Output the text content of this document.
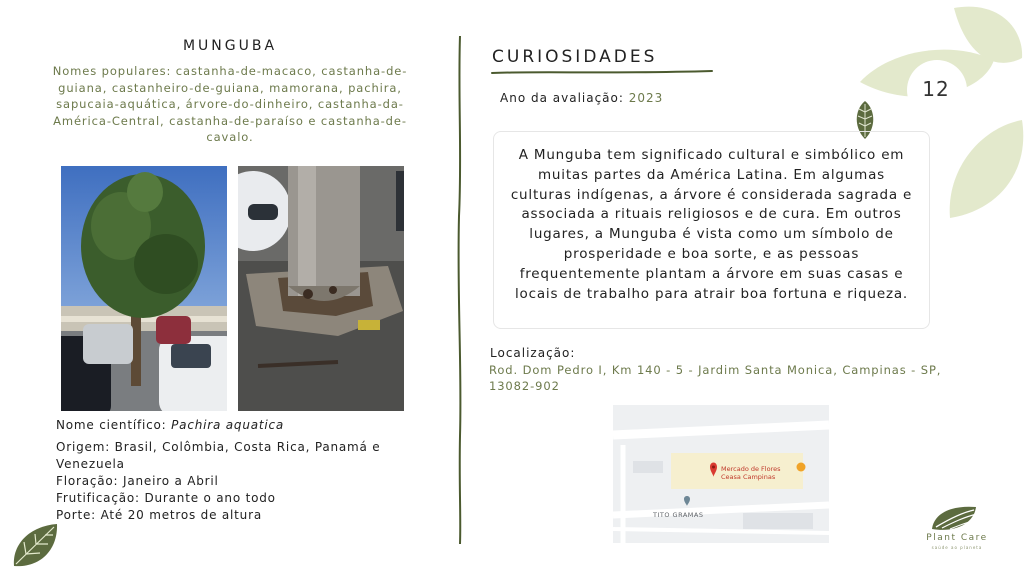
12
MUNGUBA
Nomes populares: castanha-de-macaco, castanha-de-guiana, castanheiro-de-guiana, mamorana, pachira, sapucaia-aquática, árvore-do-dinheiro, castanha-da-América-Central, castanha-de-paraíso e castanha-de-cavalo.
Nome científico: Pachira aquatica
Origem: Brasil, Colômbia, Costa Rica, Panamá e Venezuela
Floração: Janeiro a Abril
Frutificação: Durante o ano todo
Porte: Até 20 metros de altura
CURIOSIDADES
Ano da avaliação: 2023

A Munguba tem significado cultural e simbólico em muitas partes da América Latina. Em algumas culturas indígenas, a árvore é considerada sagrada e associada a rituais religiosos e de cura. Em outros lugares, a Munguba é vista como um símbolo de prosperidade e boa sorte, e as pessoas frequentemente plantam a árvore em suas casas e locais de trabalho para atrair boa fortuna e riqueza.

Localização:
Rod. Dom Pedro I, Km 140 - 5 - Jardim Santa Monica, Campinas - SP, 13082-902
Mercado de Flores
Ceasa Campinas
TITO GRAMAS
Plant Care
saúde ao planeta
